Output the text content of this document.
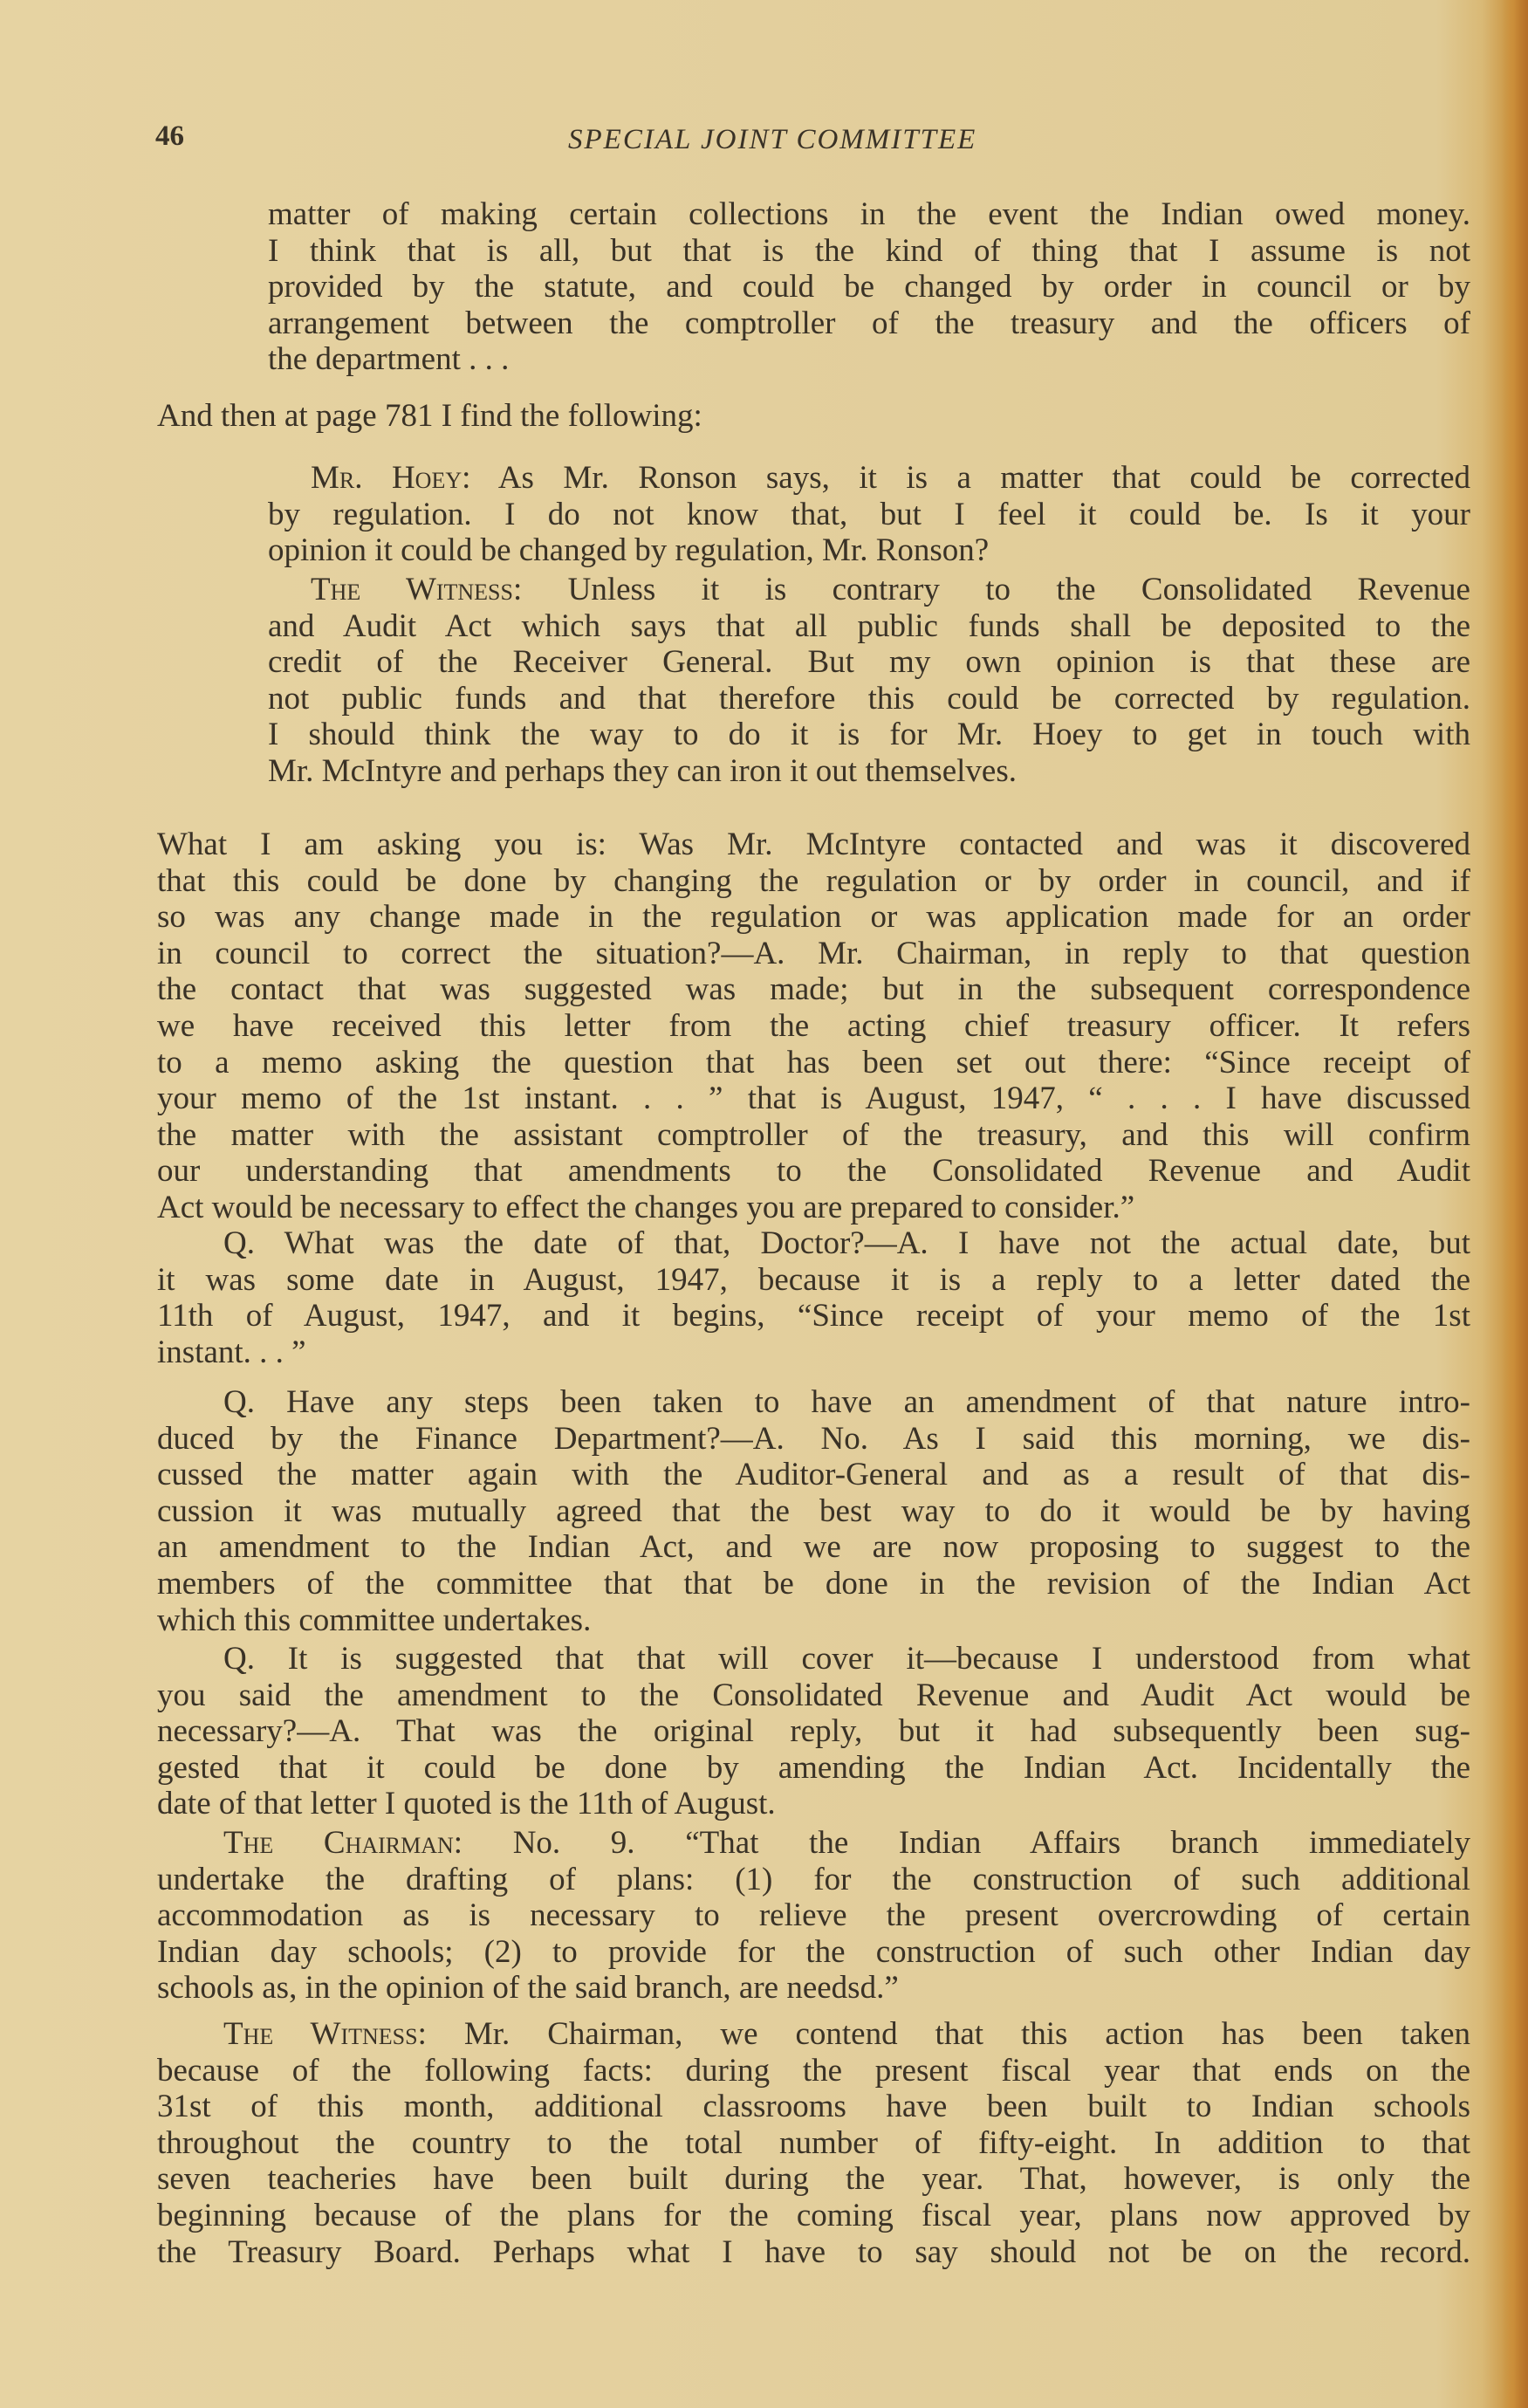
46	SPECIAL JOINT COMMITTEE
matter of making certain collections in the event the Indian owed money.
I think that is all, but that is the kind of thing that I assume is not
provided by the statute, and could be changed by order in council or by
arrangement between the comptroller of the treasury and the officers of
the department . . .
And then at page 781 I find the following:
Mr. Hoey: As Mr. Ronson says, it is a matter that could be corrected
by regulation. I do not know that, but I feel it could be. Is it your
opinion it could be changed by regulation, Mr. Ronson?
The Witness: Unless it is contrary to the Consolidated Revenue
and Audit Act which says that all public funds shall be deposited to the
credit of the Receiver General. But my own opinion is that these are
not public funds and that therefore this could be corrected by regulation.
I should think the way to do it is for Mr. Hoey to get in touch with
Mr. McIntyre and perhaps they can iron it out themselves.
What I am asking you is: Was Mr. McIntyre contacted and was it discovered
that this could be done by changing the regulation or by order in council, and if
so was any change made in the regulation or was application made for an order
in council to correct the situation?—A. Mr. Chairman, in reply to that question
the contact that was suggested was made; but in the subsequent correspondence
we have received this letter from the acting chief treasury officer. It refers
to a memo asking the question that has been set out there: “Since receipt of
your memo of the 1st instant. . . ” that is August, 1947, “ . . . I have discussed
the matter with the assistant comptroller of the treasury, and this will confirm
our understanding that amendments to the Consolidated Revenue and Audit
Act would be necessary to effect the changes you are prepared to consider.”
Q. What was the date of that, Doctor?—A. I have not the actual date, but
it was some date in August, 1947, because it is a reply to a letter dated the
11th of August, 1947, and it begins, “Since receipt of your memo of the 1st
instant. . . ”
Q. Have any steps been taken to have an amendment of that nature intro-
duced by the Finance Department?—A. No. As I said this morning, we dis-
cussed the matter again with the Auditor-General and as a result of that dis-
cussion it was mutually agreed that the best way to do it would be by having
an amendment to the Indian Act, and we are now proposing to suggest to the
members of the committee that that be done in the revision of the Indian Act
which this committee undertakes.
Q. It is suggested that that will cover it—because I understood from what
you said the amendment to the Consolidated Revenue and Audit Act would be
necessary?—A. That was the original reply, but it had subsequently been sug-
gested that it could be done by amending the Indian Act. Incidentally the
date of that letter I quoted is the 11th of August.
The Chairman: No. 9. “That the Indian Affairs branch immediately
undertake the drafting of plans: (1) for the construction of such additional
accommodation as is necessary to relieve the present overcrowding of certain
Indian day schools; (2) to provide for the construction of such other Indian day
schools as, in the opinion of the said branch, are needsd.”
The Witness: Mr. Chairman, we contend that this action has been taken
because of the following facts: during the present fiscal year that ends on the
31st of this month, additional classrooms have been built to Indian schools
throughout the country to the total number of fifty-eight. In addition to that
seven teacheries have been built during the year. That, however, is only the
beginning because of the plans for the coming fiscal year, plans now approved by
the Treasury Board. Perhaps what I have to say should not be on the record.
